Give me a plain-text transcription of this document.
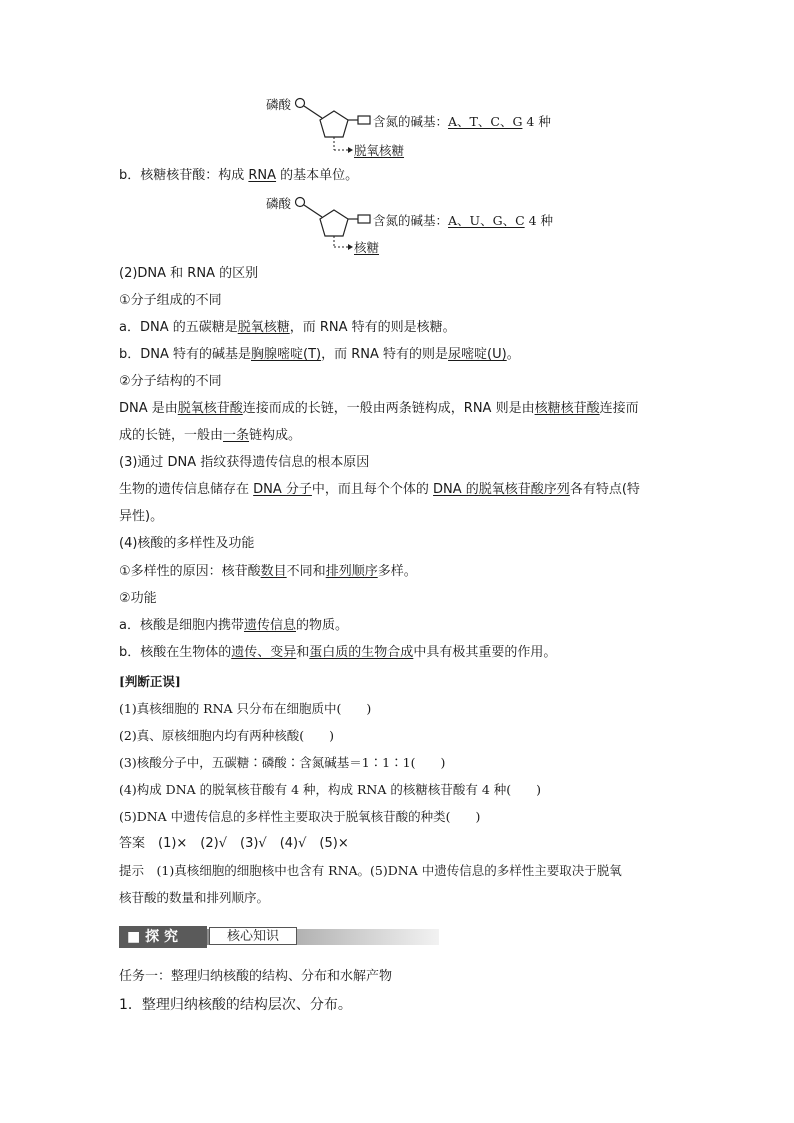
磷酸
含氮的碱基：A、T、C、G 4 种
脱氧核糖
b．核糖核苷酸：构成 RNA 的基本单位。
磷酸
含氮的碱基：A、U、G、C 4 种
核糖
(2)DNA 和 RNA 的区别
①分子组成的不同
a．DNA 的五碳糖是脱氧核糖，而 RNA 特有的则是核糖。
b．DNA 特有的碱基是胸腺嘧啶(T)，而 RNA 特有的则是尿嘧啶(U)。
②分子结构的不同
DNA 是由脱氧核苷酸连接而成的长链，一般由两条链构成，RNA 则是由核糖核苷酸连接而
成的长链，一般由一条链构成。
(3)通过 DNA 指纹获得遗传信息的根本原因
生物的遗传信息储存在 DNA 分子中，而且每个个体的 DNA 的脱氧核苷酸序列各有特点(特
异性)。
(4)核酸的多样性及功能
①多样性的原因：核苷酸数目不同和排列顺序多样。
②功能
a．核酸是细胞内携带遗传信息的物质。
b．核酸在生物体的遗传、变异和蛋白质的生物合成中具有极其重要的作用。
[判断正误]
(1)真核细胞的 RNA 只分布在细胞质中(　　)
(2)真、原核细胞内均有两种核酸(　　)
(3)核酸分子中，五碳糖∶磷酸∶含氮碱基＝1∶1∶1(　　)
(4)构成 DNA 的脱氧核苷酸有 4 种，构成 RNA 的核糖核苷酸有 4 种(　　)
(5)DNA 中遗传信息的多样性主要取决于脱氧核苷酸的种类(　　)
答案　(1)×　(2)√　(3)√　(4)√　(5)×
提示　(1)真核细胞的细胞核中也含有 RNA。(5)DNA 中遗传信息的多样性主要取决于脱氧
核苷酸的数量和排列顺序。
■ 探 究	核心知识
任务一：整理归纳核酸的结构、分布和水解产物
1．整理归纳核酸的结构层次、分布。
